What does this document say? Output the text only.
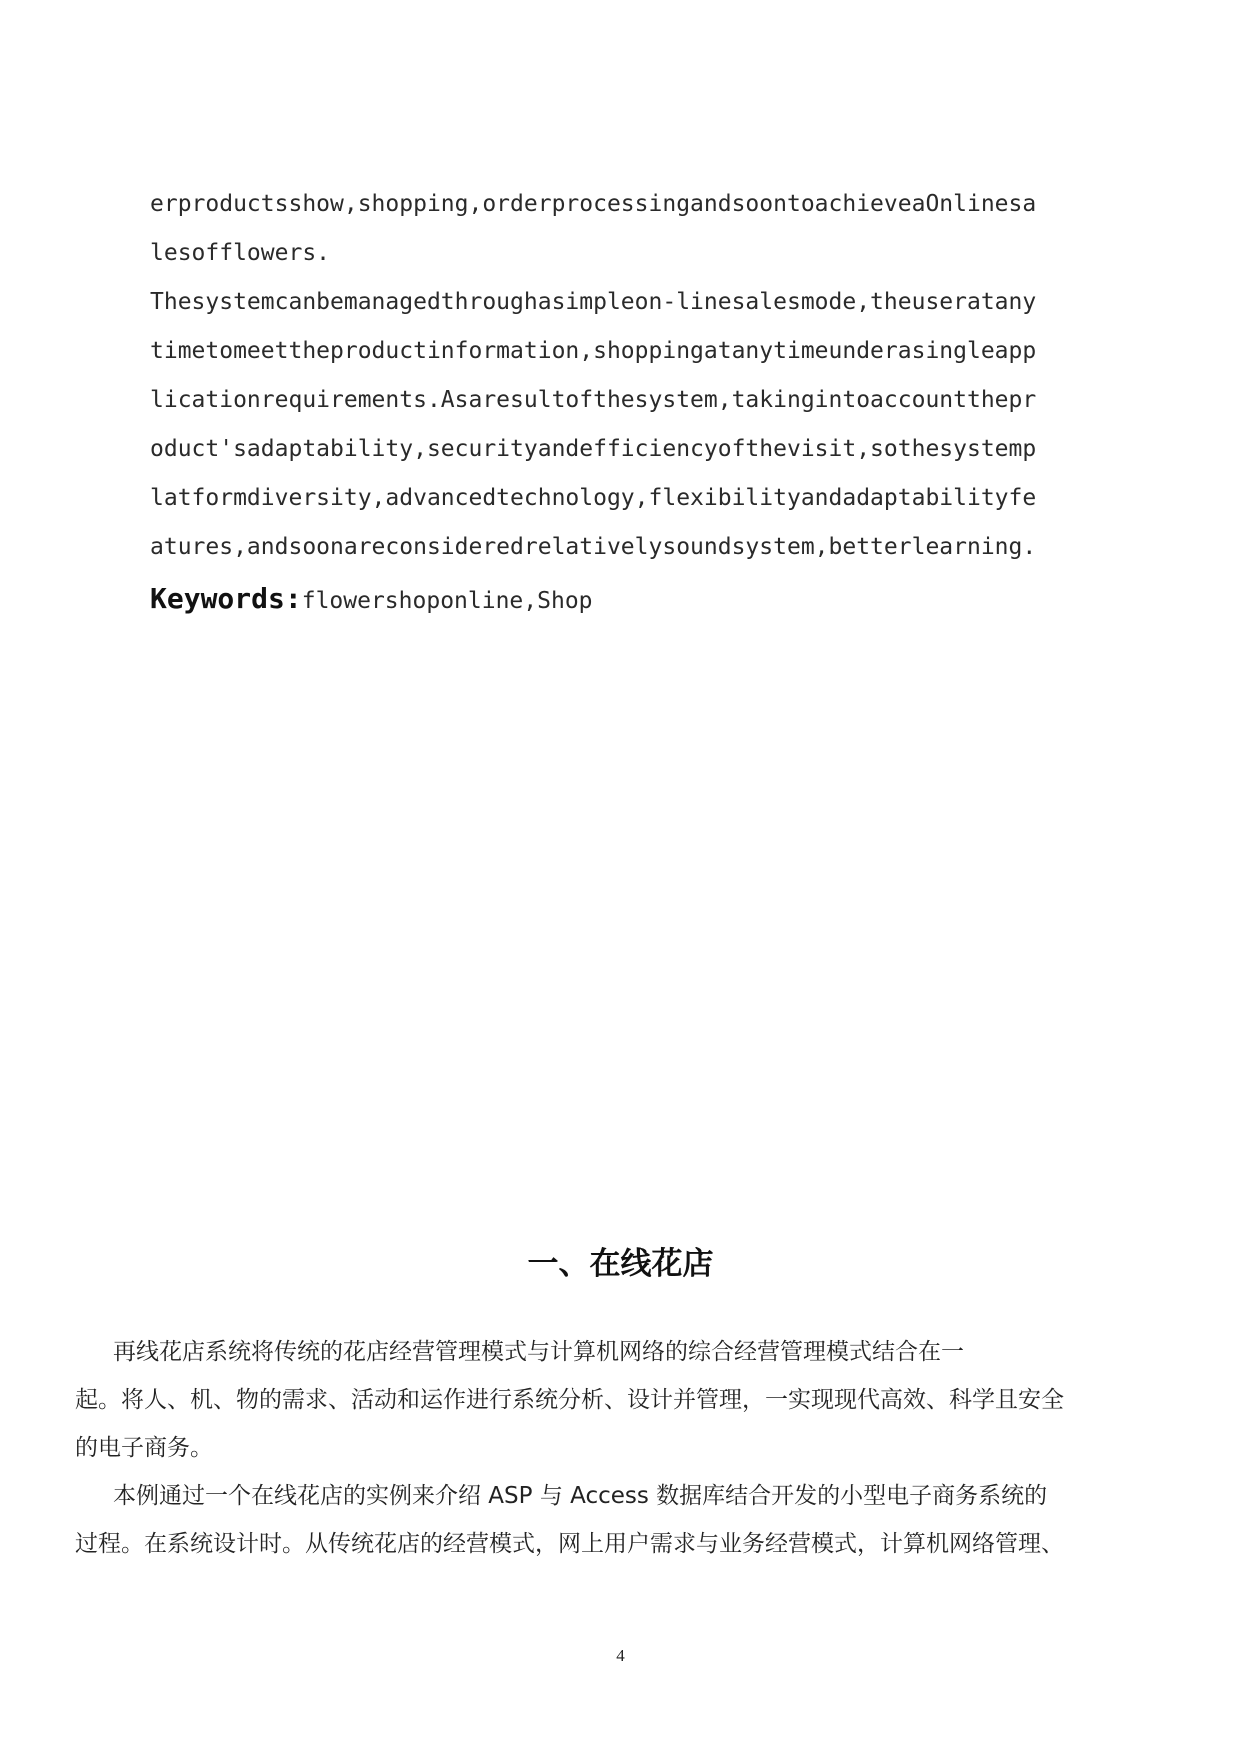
erproductsshow,shopping,orderprocessingandsoontoachieveaOnlinesa
lesofflowers.
Thesystemcanbemanagedthroughasimpleon-linesalesmode,theuseratany
timetomeettheproductinformation,shoppingatanytimeunderasingleapp
licationrequirements.Asaresultofthesystem,takingintoaccountthepr
oduct'sadaptability,securityandefficiencyofthevisit,sothesystemp
latformdiversity,advancedtechnology,flexibilityandadaptabilityfe
atures,andsoonareconsideredrelativelysoundsystem,betterlearning.
Keywords:flowershoponline,Shop
一、在线花店
再线花店系统将传统的花店经营管理模式与计算机网络的综合经营管理模式结合在一
起。将人、机、物的需求、活动和运作进行系统分析、设计并管理，一实现现代高效、科学且安全
的电子商务。
本例通过一个在线花店的实例来介绍 ASP 与 Access 数据库结合开发的小型电子商务系统的
过程。在系统设计时。从传统花店的经营模式，网上用户需求与业务经营模式，计算机网络管理、
4
